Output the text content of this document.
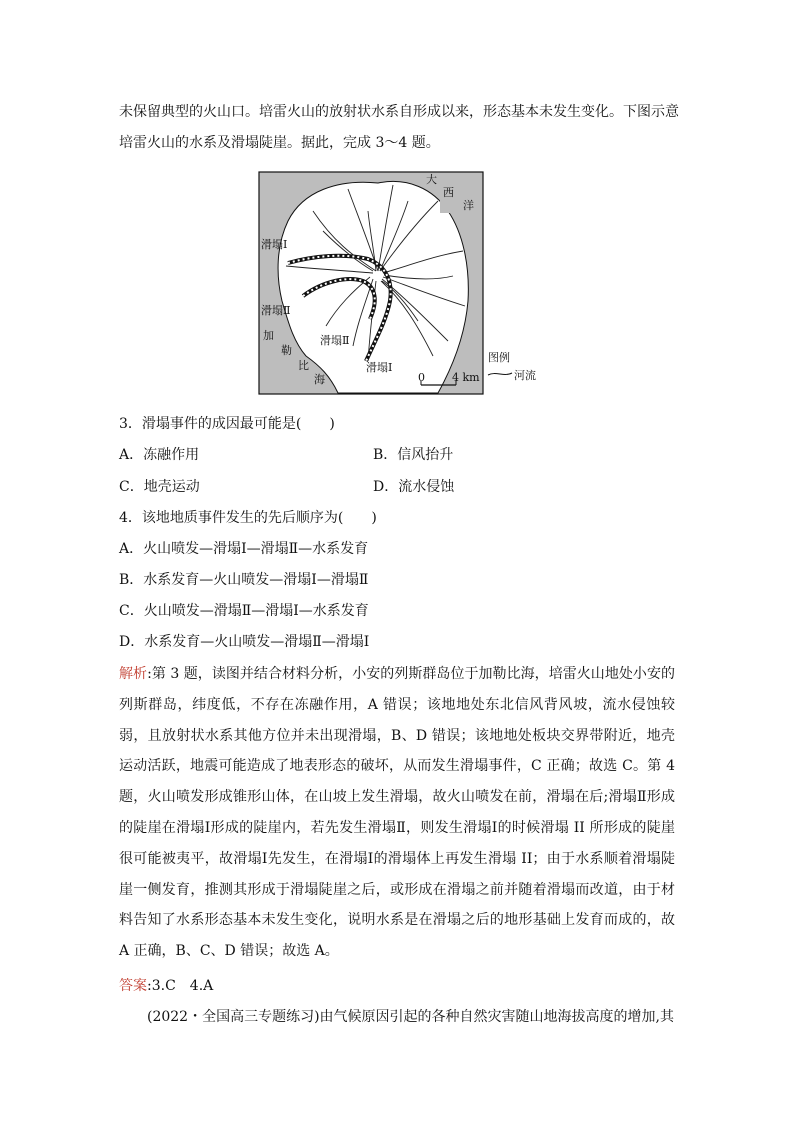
未保留典型的火山口。培雷火山的放射状水系自形成以来，形态基本未发生变化。下图示意
培雷火山的水系及滑塌陡崖。据此，完成 3～4 题。
大
西
洋
加
勒
比
海
滑塌Ⅰ
滑塌Ⅱ
滑塌Ⅱ
滑塌Ⅰ
0 4 km
图例
河流
3．滑塌事件的成因最可能是(　　)
A．冻融作用	B．信风抬升
C．地壳运动	D．流水侵蚀
4．该地地质事件发生的先后顺序为(　　)
A．火山喷发—滑塌Ⅰ—滑塌Ⅱ—水系发育
B．水系发育—火山喷发—滑塌Ⅰ—滑塌Ⅱ
C．火山喷发—滑塌Ⅱ—滑塌Ⅰ—水系发育
D．水系发育—火山喷发—滑塌Ⅱ—滑塌Ⅰ
解析:第 3 题，读图并结合材料分析，小安的列斯群岛位于加勒比海，培雷火山地处小安的列斯群岛，纬度低，不存在冻融作用，A 错误；该地地处东北信风背风坡，流水侵蚀较弱，且放射状水系其他方位并未出现滑塌，B、D 错误；该地地处板块交界带附近，地壳运动活跃，地震可能造成了地表形态的破坏，从而发生滑塌事件，C 正确；故选 C。第 4 题，火山喷发形成锥形山体，在山坡上发生滑塌，故火山喷发在前，滑塌在后;滑塌Ⅱ形成的陡崖在滑塌Ⅰ形成的陡崖内，若先发生滑塌Ⅱ，则发生滑塌Ⅰ的时候滑塌 II 所形成的陡崖很可能被夷平，故滑塌Ⅰ先发生，在滑塌Ⅰ的滑塌体上再发生滑塌 II；由于水系顺着滑塌陡崖一侧发育，推测其形成于滑塌陡崖之后，或形成在滑塌之前并随着滑塌而改道，由于材料告知了水系形态基本未发生变化，说明水系是在滑塌之后的地形基础上发育而成的，故 A 正确，B、C、D 错误；故选 A。
答案:3.C　4.A
(2022・全国高三专题练习)由气候原因引起的各种自然灾害随山地海拔高度的增加,其
